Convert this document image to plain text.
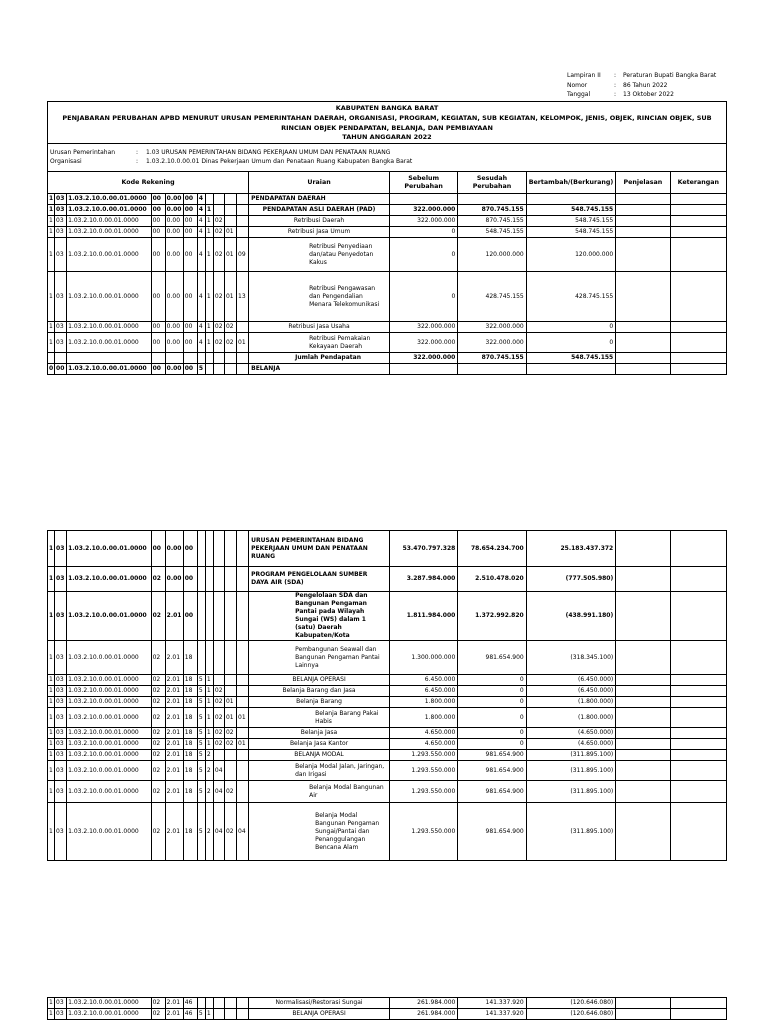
Lampiran II	:	Peraturan Bupati Bangka Barat
Nomor	:	86 Tahun 2022
Tanggal	:	13 Oktober 2022
KABUPATEN BANGKA BARAT
PENJABARAN PERUBAHAN APBD MENURUT URUSAN PEMERINTAHAN DAERAH, ORGANISASI, PROGRAM, KEGIATAN, SUB KEGIATAN, KELOMPOK, JENIS, OBJEK, RINCIAN OBJEK, SUB RINCIAN OBJEK PENDAPATAN, BELANJA, DAN PEMBIAYAAN
TAHUN ANGGARAN 2022
Urusan Pemerintahan	:	1.03 URUSAN PEMERINTAHAN BIDANG PEKERJAAN UMUM DAN PENATAAN RUANG
Organisasi	:	1.03.2.10.0.00.01 Dinas Pekerjaan Umum dan Penataan Ruang Kabupaten Bangka Barat
Kode Rekening											Uraian	Sebelum Perubahan	Sesudah Perubahan	Bertambah/(Berkurang)	Penjelasan	Keterangan
1	03	1.03.2.10.0.00.01.0000	00	0.00	00	4					PENDAPATAN DAERAH					
1	03	1.03.2.10.0.00.01.0000	00	0.00	00	4	1				PENDAPATAN ASLI DAERAH (PAD)	322.000.000	870.745.155	548.745.155		
1	03	1.03.2.10.0.00.01.0000	00	0.00	00	4	1	02			Retribusi Daerah	322.000.000	870.745.155	548.745.155		
1	03	1.03.2.10.0.00.01.0000	00	0.00	00	4	1	02	01		Retribusi Jasa Umum	0	548.745.155	548.745.155		
1	03	1.03.2.10.0.00.01.0000	00	0.00	00	4	1	02	01	09	Retribusi Penyediaan dan/atau Penyedotan Kakus	0	120.000.000	120.000.000		
1	03	1.03.2.10.0.00.01.0000	00	0.00	00	4	1	02	01	13	Retribusi Pengawasan dan Pengendalian Menara Telekomunikasi	0	428.745.155	428.745.155		
1	03	1.03.2.10.0.00.01.0000	00	0.00	00	4	1	02	02		Retribusi Jasa Usaha	322.000.000	322.000.000	0		
1	03	1.03.2.10.0.00.01.0000	00	0.00	00	4	1	02	02	01	Retribusi Pemakaian Kekayaan Daerah	322.000.000	322.000.000	0		
											Jumlah Pendapatan	322.000.000	870.745.155	548.745.155		
0	00	1.03.2.10.0.00.01.0000	00	0.00	00	5					BELANJA					
1	03	1.03.2.10.0.00.01.0000	00	0.00	00						URUSAN PEMERINTAHAN BIDANG PEKERJAAN UMUM DAN PENATAAN RUANG	53.470.797.328	78.654.234.700	25.183.437.372		
1	03	1.03.2.10.0.00.01.0000	02	0.00	00						PROGRAM PENGELOLAAN SUMBER DAYA AIR (SDA)	3.287.984.000	2.510.478.020	(777.505.980)		
1	03	1.03.2.10.0.00.01.0000	02	2.01	00						Pengelolaan SDA dan Bangunan Pengaman Pantai pada Wilayah Sungai (WS) dalam 1 (satu) Daerah Kabupaten/Kota	1.811.984.000	1.372.992.820	(438.991.180)		
1	03	1.03.2.10.0.00.01.0000	02	2.01	18						Pembangunan Seawall dan Bangunan Pengaman Pantai Lainnya	1.300.000.000	981.654.900	(318.345.100)		
1	03	1.03.2.10.0.00.01.0000	02	2.01	18	5	1				BELANJA OPERASI	6.450.000	0	(6.450.000)		
1	03	1.03.2.10.0.00.01.0000	02	2.01	18	5	1	02			Belanja Barang dan Jasa	6.450.000	0	(6.450.000)		
1	03	1.03.2.10.0.00.01.0000	02	2.01	18	5	1	02	01		Belanja Barang	1.800.000	0	(1.800.000)		
1	03	1.03.2.10.0.00.01.0000	02	2.01	18	5	1	02	01	01	Belanja Barang Pakai Habis	1.800.000	0	(1.800.000)		
1	03	1.03.2.10.0.00.01.0000	02	2.01	18	5	1	02	02		Belanja Jasa	4.650.000	0	(4.650.000)		
1	03	1.03.2.10.0.00.01.0000	02	2.01	18	5	1	02	02	01	Belanja Jasa Kantor	4.650.000	0	(4.650.000)		
1	03	1.03.2.10.0.00.01.0000	02	2.01	18	5	2				BELANJA MODAL	1.293.550.000	981.654.900	(311.895.100)		
1	03	1.03.2.10.0.00.01.0000	02	2.01	18	5	2	04			Belanja Modal Jalan, Jaringan, dan Irigasi	1.293.550.000	981.654.900	(311.895.100)		
1	03	1.03.2.10.0.00.01.0000	02	2.01	18	5	2	04	02		Belanja Modal Bangunan Air	1.293.550.000	981.654.900	(311.895.100)		
1	03	1.03.2.10.0.00.01.0000	02	2.01	18	5	2	04	02	04	Belanja Modal Bangunan Pengaman Sungai/Pantai dan Penanggulangan Bencana Alam	1.293.550.000	981.654.900	(311.895.100)		
1	03	1.03.2.10.0.00.01.0000	02	2.01	46						Normalisasi/Restorasi Sungai	261.984.000	141.337.920	(120.646.080)		
1	03	1.03.2.10.0.00.01.0000	02	2.01	46	5	1				BELANJA OPERASI	261.984.000	141.337.920	(120.646.080)		
